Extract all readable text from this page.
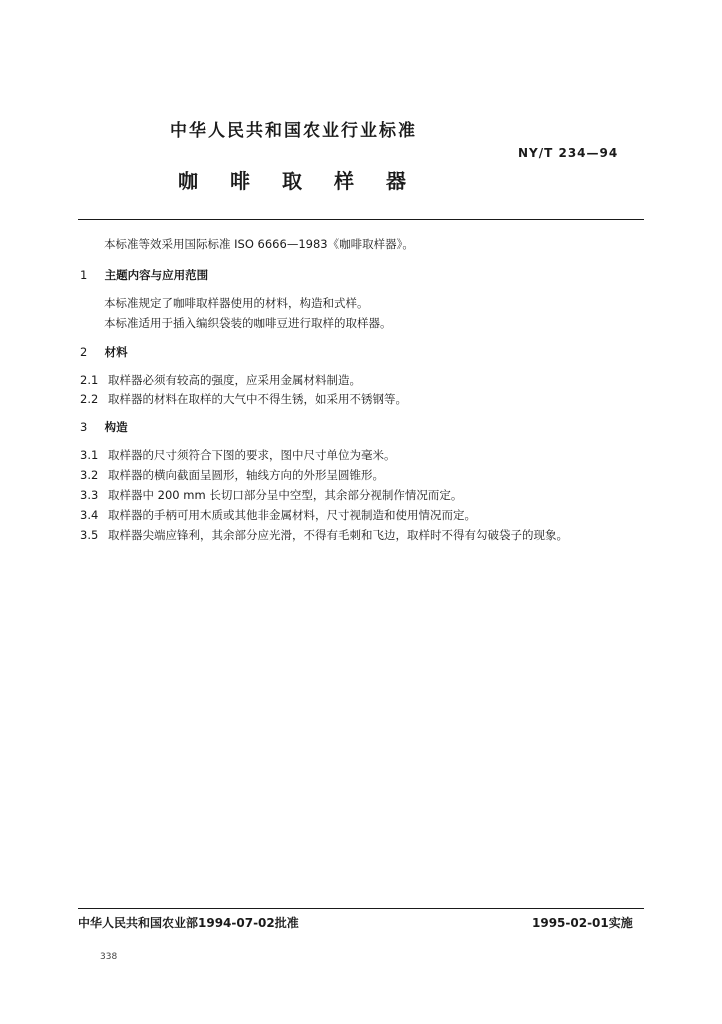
中华人民共和国农业行业标准
NY/T 234—94
咖 啡 取 样 器
本标准等效采用国际标准 ISO 6666—1983《咖啡取样器》。
1 主题内容与应用范围
本标准规定了咖啡取样器使用的材料，构造和式样。
本标准适用于插入编织袋装的咖啡豆进行取样的取样器。
2 材料
2.1 取样器必须有较高的强度，应采用金属材料制造。
2.2 取样器的材料在取样的大气中不得生锈，如采用不锈钢等。
3 构造
3.1 取样器的尺寸须符合下图的要求，图中尺寸单位为毫米。
3.2 取样器的横向截面呈圆形，轴线方向的外形呈圆锥形。
3.3 取样器中 200 mm 长切口部分呈中空型，其余部分视制作情况而定。
3.4 取样器的手柄可用木质或其他非金属材料，尺寸视制造和使用情况而定。
3.5 取样器尖端应锋利，其余部分应光滑，不得有毛刺和飞边，取样时不得有勾破袋子的现象。
中华人民共和国农业部1994-07-02批准	1995-02-01实施
338
